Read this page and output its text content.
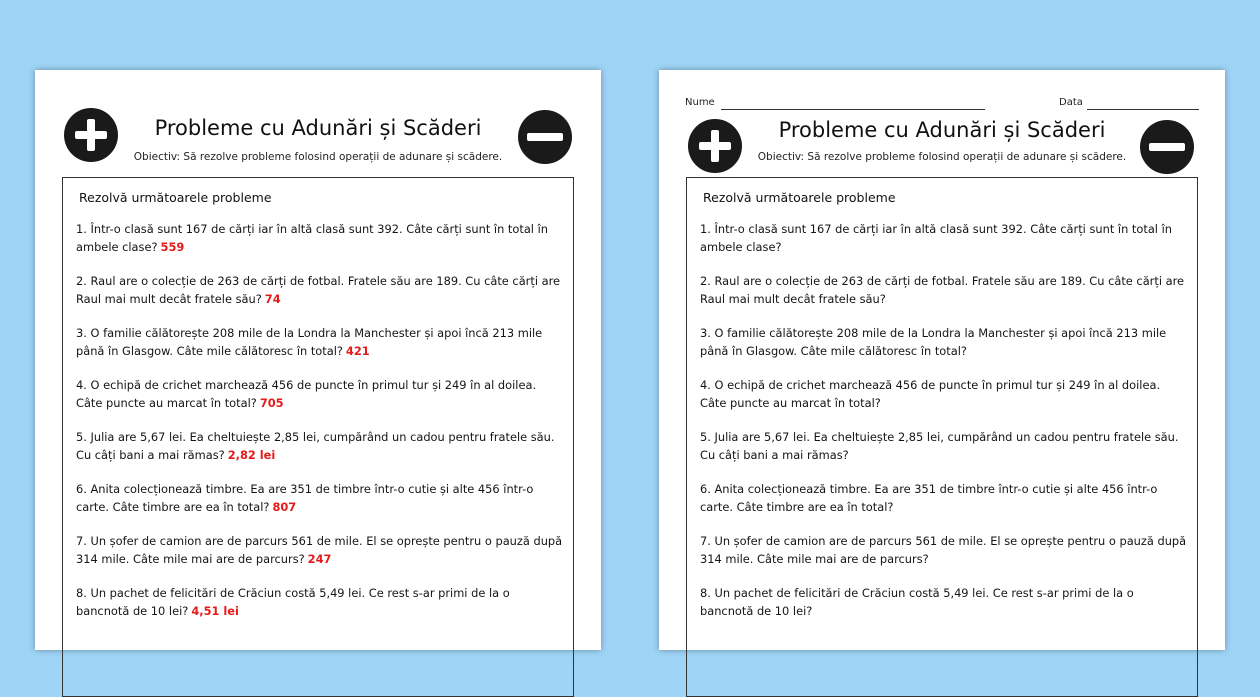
Probleme cu Adunări și Scăderi
Obiectiv: Să rezolve probleme folosind operații de adunare și scădere.
Rezolvă următoarele probleme
1. Într-o clasă sunt 167 de cărți iar în altă clasă sunt 392. Câte cărți sunt în total în ambele clase? 559
2. Raul are o colecție de 263 de cărți de fotbal. Fratele său are 189. Cu câte cărți are Raul mai mult decât fratele său? 74
3. O familie călătorește 208 mile de la Londra la Manchester și apoi încă 213 mile până în Glasgow. Câte mile călătoresc în total? 421
4. O echipă de crichet marchează 456 de puncte în primul tur și 249 în al doilea. Câte puncte au marcat în total? 705
5. Julia are 5,67 lei. Ea cheltuiește 2,85 lei, cumpărând un cadou pentru fratele său. Cu câți bani a mai rămas? 2,82 lei
6. Anita colecționează timbre. Ea are 351 de timbre într-o cutie și alte 456 într-o carte. Câte timbre are ea în total? 807
7. Un șofer de camion are de parcurs 561 de mile. El se oprește pentru o pauză după 314 mile. Câte mile mai are de parcurs? 247
8. Un pachet de felicitări de Crăciun costă 5,49 lei. Ce rest s-ar primi de la o bancnotă de 10 lei? 4,51 lei
Nume	Data
Probleme cu Adunări și Scăderi
Obiectiv: Să rezolve probleme folosind operații de adunare și scădere.
Rezolvă următoarele probleme
1. Într-o clasă sunt 167 de cărți iar în altă clasă sunt 392. Câte cărți sunt în total în ambele clase?
2. Raul are o colecție de 263 de cărți de fotbal. Fratele său are 189. Cu câte cărți are Raul mai mult decât fratele său?
3. O familie călătorește 208 mile de la Londra la Manchester și apoi încă 213 mile până în Glasgow. Câte mile călătoresc în total?
4. O echipă de crichet marchează 456 de puncte în primul tur și 249 în al doilea. Câte puncte au marcat în total?
5. Julia are 5,67 lei. Ea cheltuiește 2,85 lei, cumpărând un cadou pentru fratele său. Cu câți bani a mai rămas?
6. Anita colecționează timbre. Ea are 351 de timbre într-o cutie și alte 456 într-o carte. Câte timbre are ea în total?
7. Un șofer de camion are de parcurs 561 de mile. El se oprește pentru o pauză după 314 mile. Câte mile mai are de parcurs?
8. Un pachet de felicitări de Crăciun costă 5,49 lei. Ce rest s-ar primi de la o bancnotă de 10 lei?
